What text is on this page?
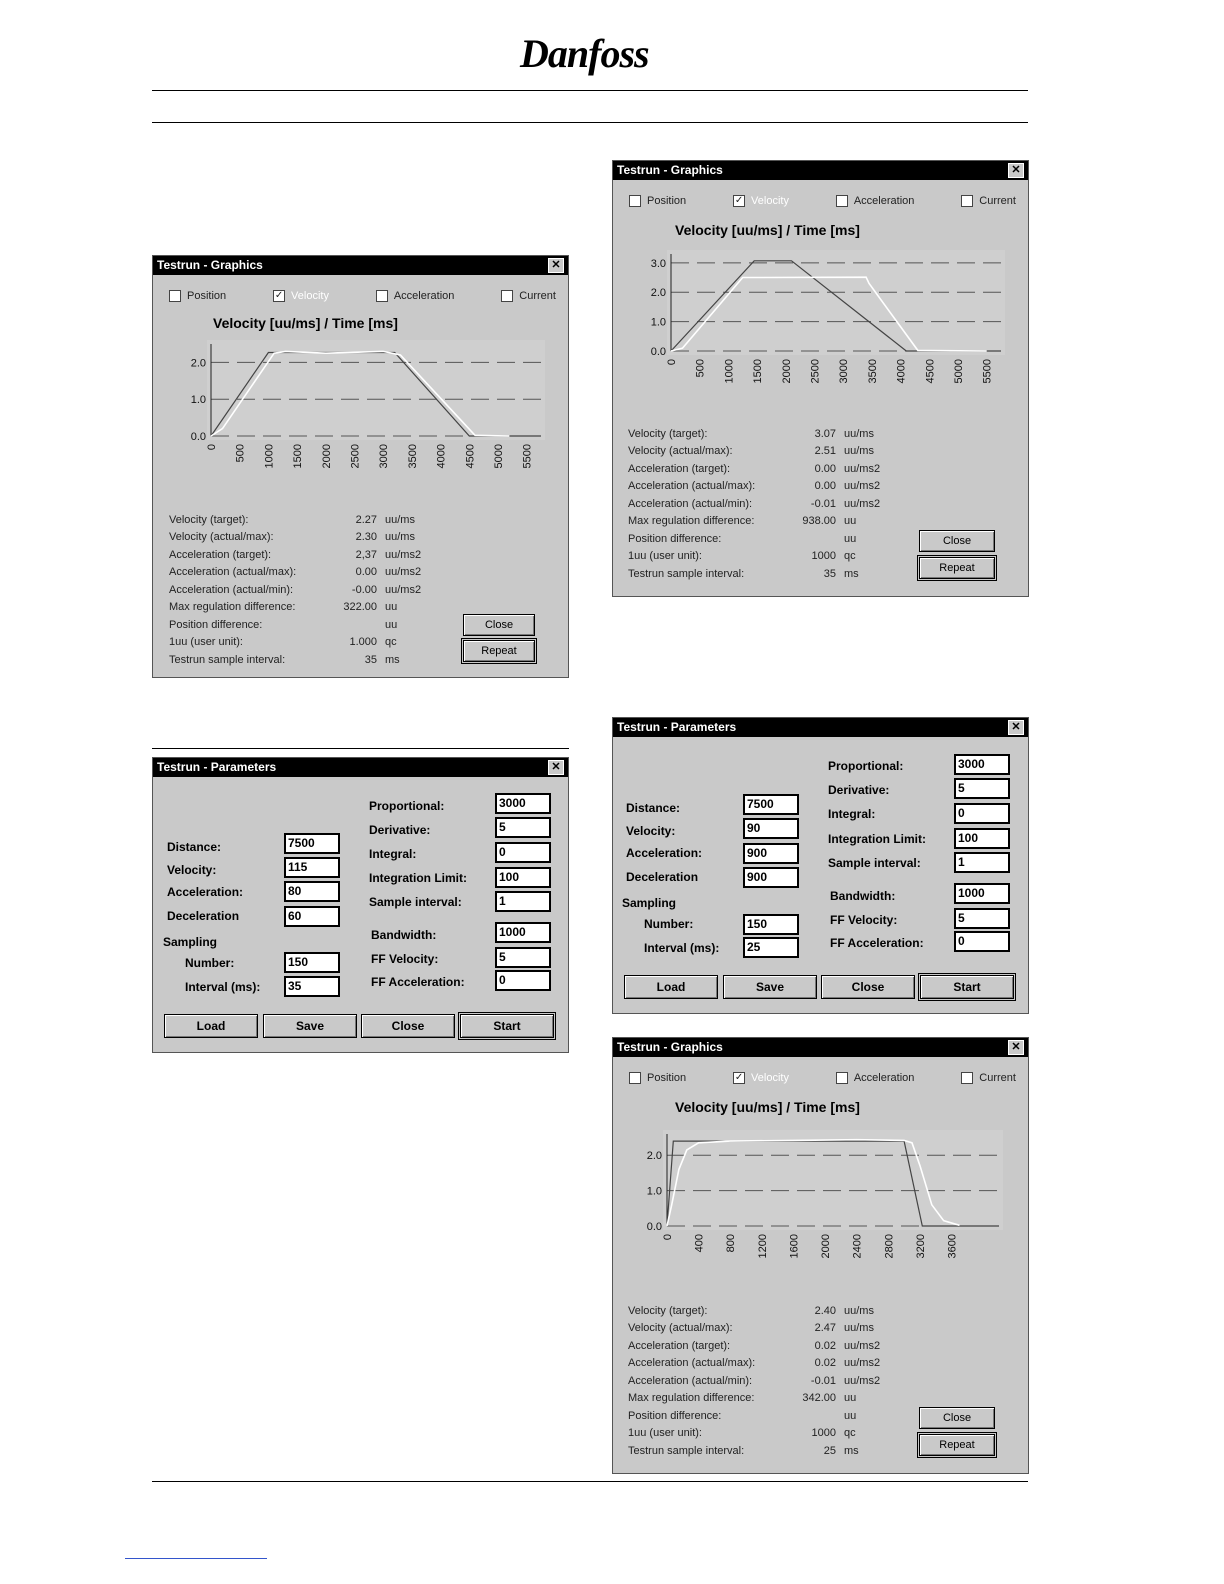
Danfoss
Testrun - Graphics	✕
Position	✓ Velocity	Acceleration	Current
Velocity [uu/ms] / Time [ms]
0.0
1.0
2.0
0 500 1000 1500 2000 2500 3000 3500 4000 4500 5000 5500
Velocity (target):	2.27 uu/ms
Velocity (actual/max):	2.30 uu/ms
Acceleration (target):	2,37 uu/ms2
Acceleration (actual/max):	0.00 uu/ms2
Acceleration (actual/min):	-0.00 uu/ms2
Max regulation difference:	322.00 uu
Position difference:	uu
1uu (user unit):	1.000 qc
Testrun sample interval:	35 ms
Close
Repeat
Testrun - Graphics	✕
Position	✓ Velocity	Acceleration	Current
Velocity [uu/ms] / Time [ms]
0.0
1.0
2.0
3.0
0 500 1000 1500 2000 2500 3000 3500 4000 4500 5000 5500
Velocity (target):	3.07 uu/ms
Velocity (actual/max):	2.51 uu/ms
Acceleration (target):	0.00 uu/ms2
Acceleration (actual/max):	0.00 uu/ms2
Acceleration (actual/min):	-0.01 uu/ms2
Max regulation difference:	938.00 uu
Position difference:	uu
1uu (user unit):	1000 qc
Testrun sample interval:	35 ms
Close
Repeat
Testrun - Parameters	✕
Distance:	7500
Velocity:	115
Acceleration:	80
Deceleration	60
Sampling
Number:	150
Interval (ms):	35
Proportional:	3000
Derivative:	5
Integral:	0
Integration Limit:	100
Sample interval:	1
Bandwidth:	1000
FF Velocity:	5
FF Acceleration:	0
Load	Save	Close	Start
Testrun - Parameters	✕
Distance:	7500
Velocity:	90
Acceleration:	900
Deceleration	900
Sampling
Number:	150
Interval (ms):	25
Proportional:	3000
Derivative:	5
Integral:	0
Integration Limit:	100
Sample interval:	1
Bandwidth:	1000
FF Velocity:	5
FF Acceleration:	0
Load	Save	Close	Start
Testrun - Graphics	✕
Position	✓ Velocity	Acceleration	Current
Velocity [uu/ms] / Time [ms]
0.0
1.0
2.0
0 400 800 1200 1600 2000 2400 2800 3200 3600
Velocity (target):	2.40 uu/ms
Velocity (actual/max):	2.47 uu/ms
Acceleration (target):	0.02 uu/ms2
Acceleration (actual/max):	0.02 uu/ms2
Acceleration (actual/min):	-0.01 uu/ms2
Max regulation difference:	342.00 uu
Position difference:	uu
1uu (user unit):	1000 qc
Testrun sample interval:	25 ms
Close
Repeat
